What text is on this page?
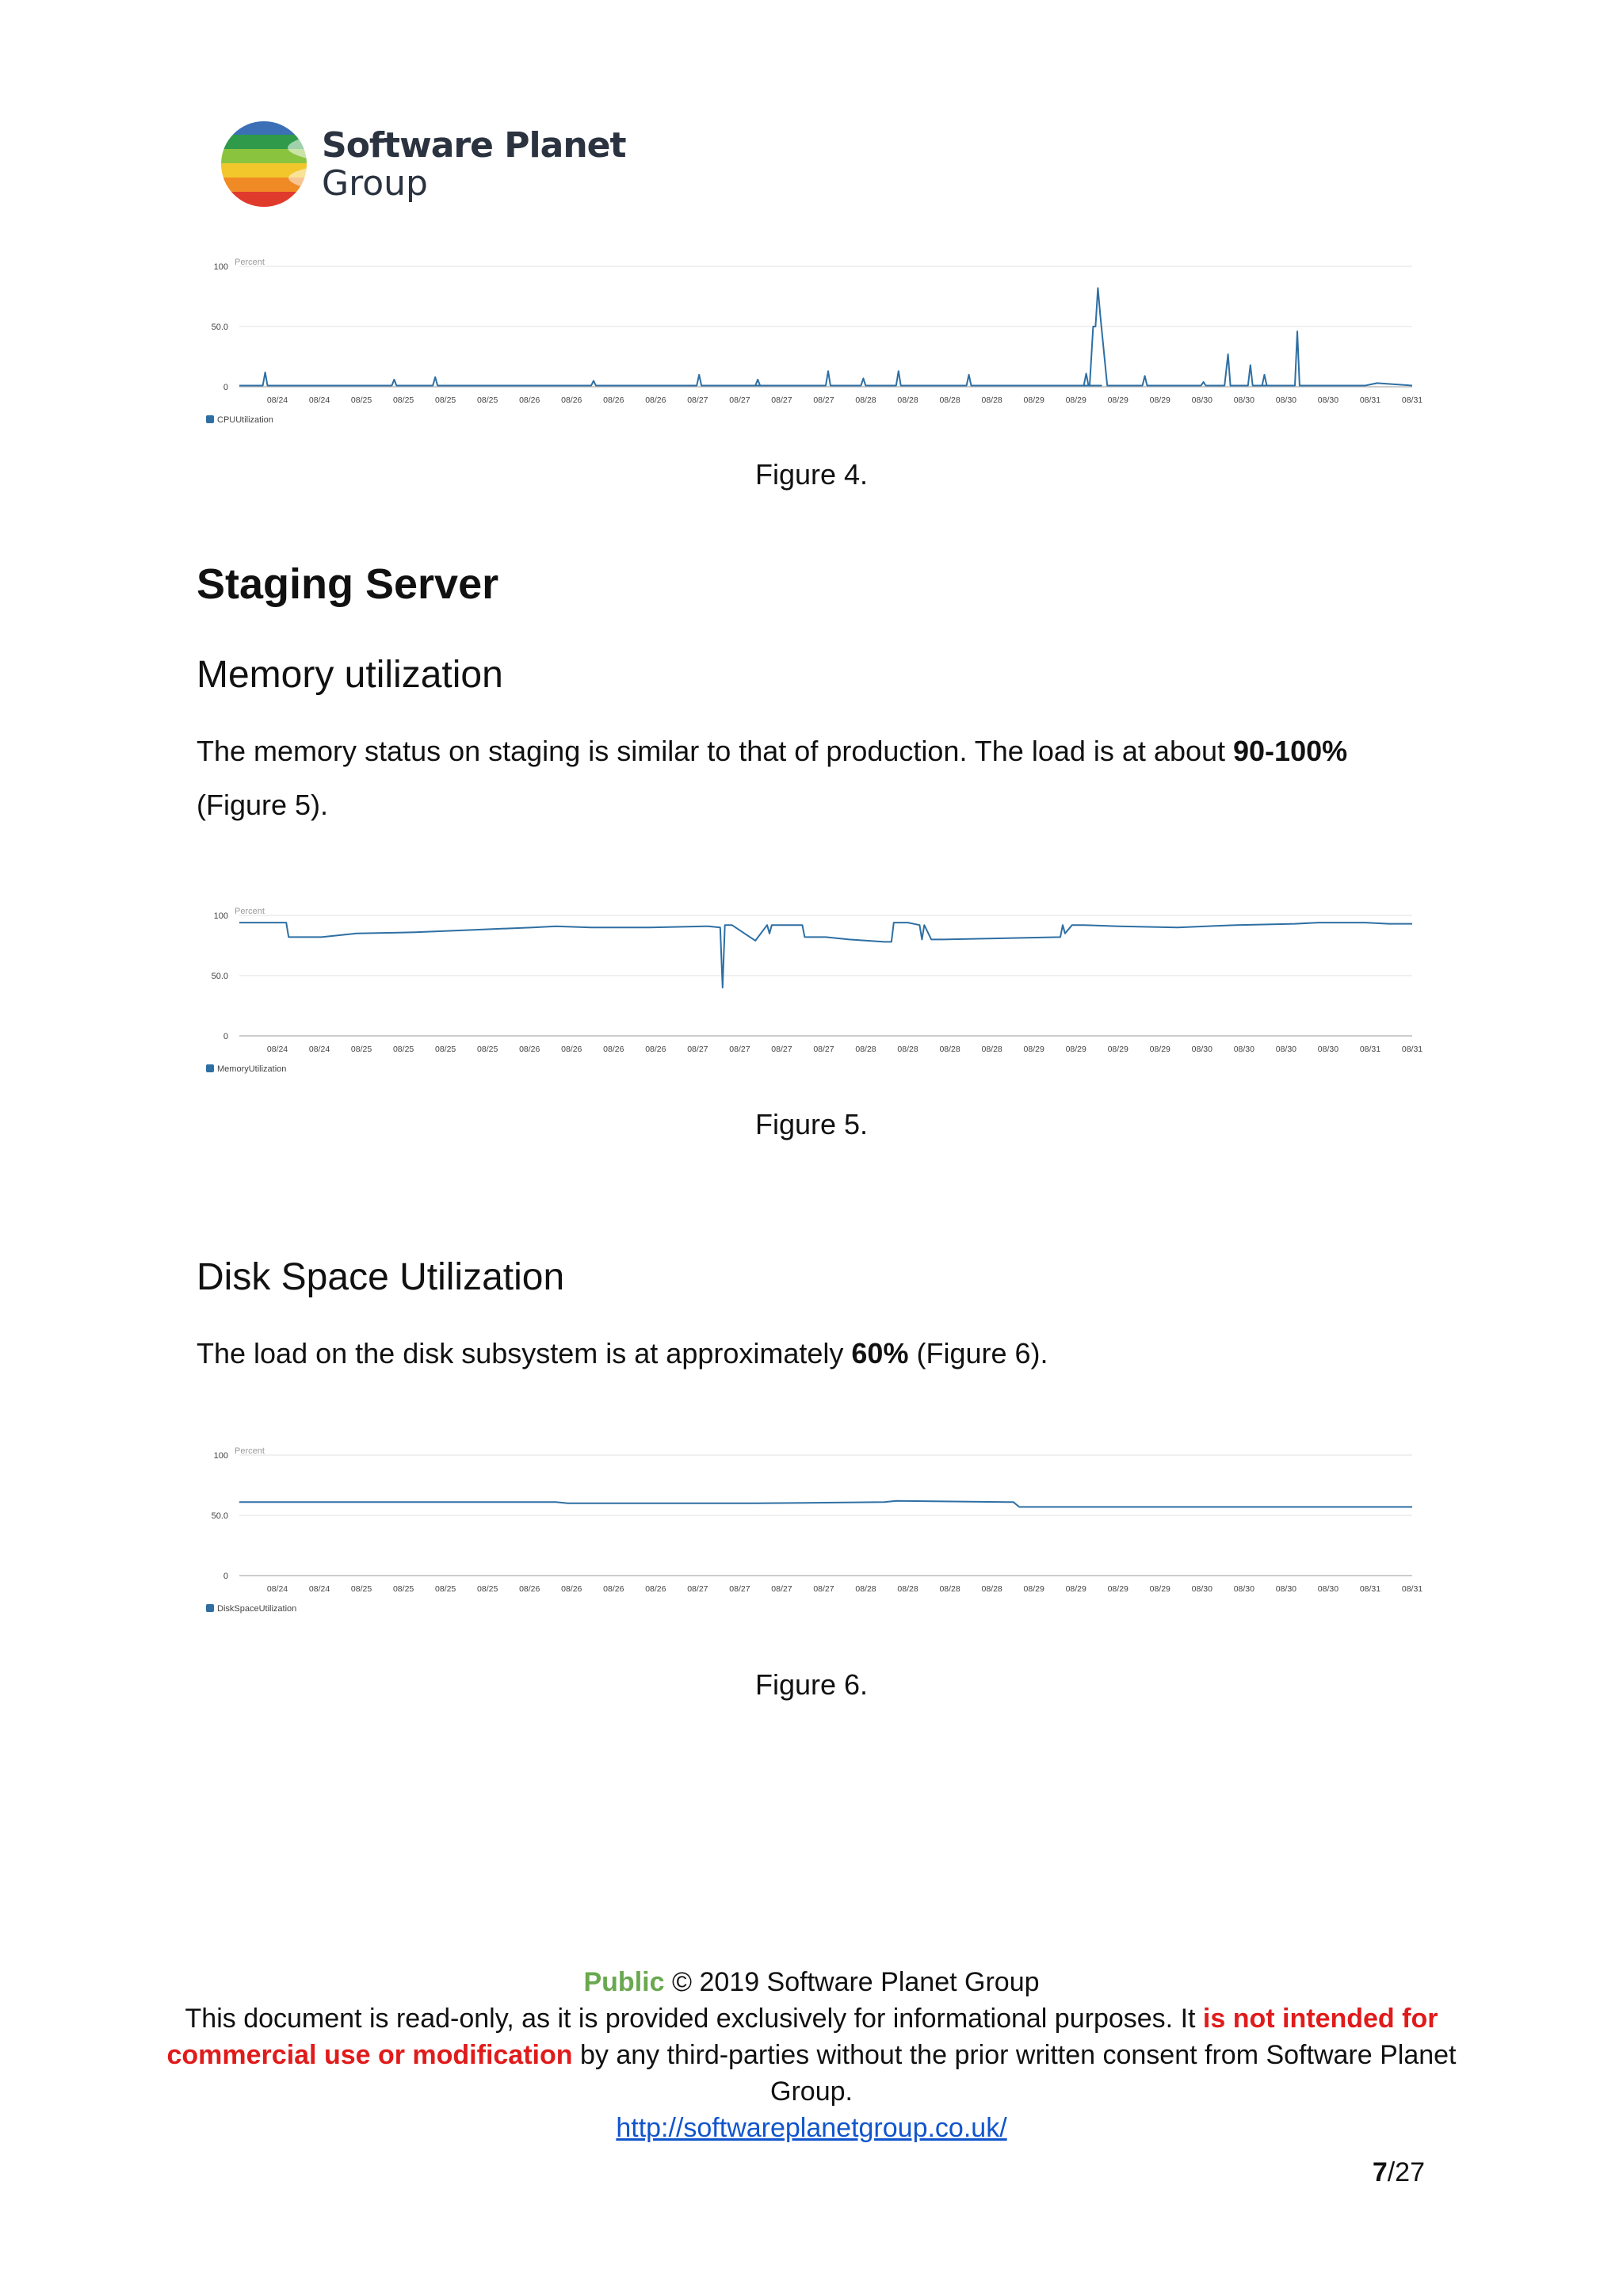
Software Planet
Group
100
50.0
0
Percent
08/24	08/24	08/25	08/25	08/25	08/25	08/26	08/26	08/26	08/26	08/27	08/27	08/27	08/27	08/28	08/28	08/28	08/28	08/29	08/29	08/29	08/29	08/30	08/30	08/30	08/30	08/31	08/31
CPUUtilization
Figure 4.
Staging Server
Memory utilization

The memory status on staging is similar to that of production. The load is at about 90-100% (Figure 5).

100
50.0
0
Percent
08/24	08/24	08/25	08/25	08/25	08/25	08/26	08/26	08/26	08/26	08/27	08/27	08/27	08/27	08/28	08/28	08/28	08/28	08/29	08/29	08/29	08/29	08/30	08/30	08/30	08/30	08/31	08/31
MemoryUtilization
Figure 5.
Disk Space Utilization

The load on the disk subsystem is at approximately 60% (Figure 6).

100
50.0
0
Percent
08/24	08/24	08/25	08/25	08/25	08/25	08/26	08/26	08/26	08/26	08/27	08/27	08/27	08/27	08/28	08/28	08/28	08/28	08/29	08/29	08/29	08/29	08/30	08/30	08/30	08/30	08/31	08/31
DiskSpaceUtilization
Figure 6.
Public © 2019 Software Planet Group
This document is read-only, as it is provided exclusively for informational purposes. It is not intended for commercial use or modification by any third-parties without the prior written consent from Software Planet Group.
http://softwareplanetgroup.co.uk/
7/27
